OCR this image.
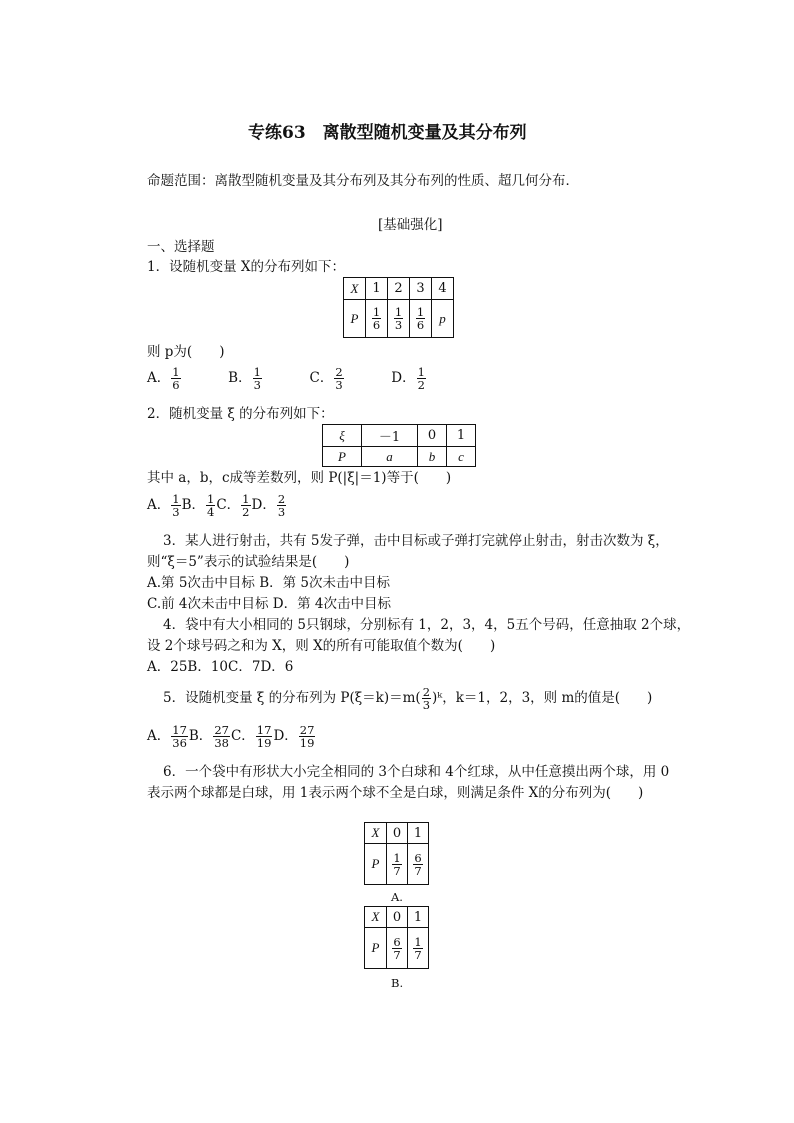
专练63　离散型随机变量及其分布列
命题范围：离散型随机变量及其分布列及其分布列的性质、超几何分布．
[基础强化]
一、选择题
1．设随机变量 X的分布列如下：
X	1	2	3	4
P	$\frac{1}{6}$	$\frac{1}{3}$	$\frac{1}{6}$	p
则 p为(　　)
A． $\frac{1}{6}$	B． $\frac{1}{3}$	C． $\frac{2}{3}$	D． $\frac{1}{2}$
2．随机变量 ξ 的分布列如下：
ξ	－1	0	1
P	a	b	c
其中 a，b，c成等差数列，则 P(|ξ|＝1)等于(　　)
A． $\frac{1}{3}$ B． $\frac{1}{4}$ C． $\frac{1}{2}$ D． $\frac{2}{3}$
3．某人进行射击，共有 5发子弹，击中目标或子弹打完就停止射击，射击次数为 ξ，
则“ξ＝5”表示的试验结果是(　　)
A.第 5次击中目标 B．第 5次未击中目标
C.前 4次未击中目标 D．第 4次击中目标
4．袋中有大小相同的 5只钢球，分别标有 1，2，3，4，5五个号码，任意抽取 2个球，
设 2个球号码之和为 X，则 X的所有可能取值个数为(　　)
A．25B．10C．7D．6
5．设随机变量 ξ 的分布列为 $P(\xi=k)=m( \frac{2}{3}$ )ᵏ，k＝1，2，3，则 m的值是(　　)
A． $\frac{17}{36}$ B． $\frac{27}{38}$ C． $\frac{17}{19}$ D． $\frac{27}{19}$
6．一个袋中有形状大小完全相同的 3个白球和 4个红球，从中任意摸出两个球，用 0
表示两个球都是白球，用 1表示两个球不全是白球，则满足条件 X的分布列为(　　)
X	0	1
P	$\frac{1}{7}$	$\frac{6}{7}$
A.
X	0	1
P	$\frac{6}{7}$	$\frac{1}{7}$
B.
